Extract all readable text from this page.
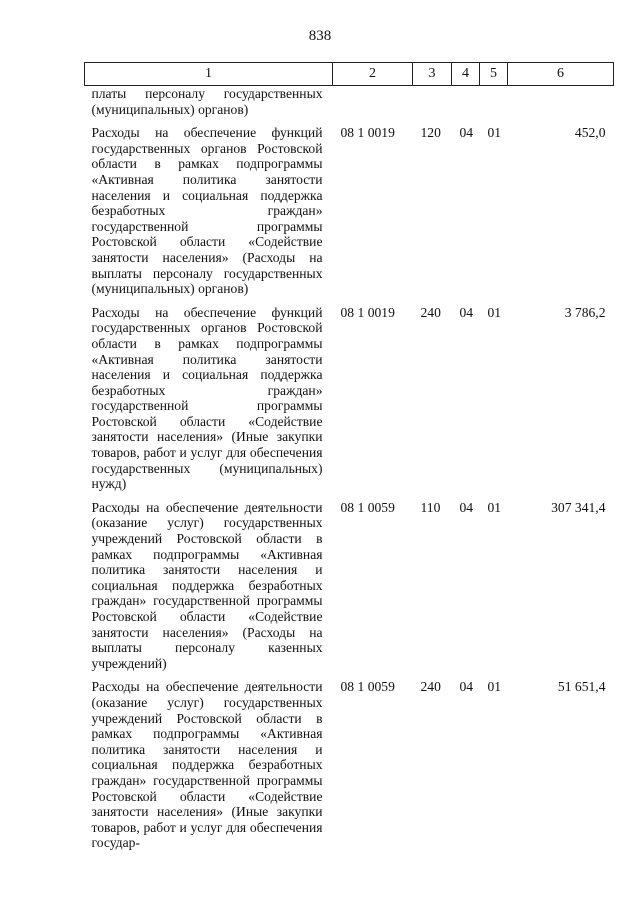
838
1	2	3	4	5	6
платы персоналу государственных (муниципальных) органов)					
Расходы на обеспечение функций государственных органов Ростовской области в рамках подпрограммы «Активная политика занятости населения и социальная поддержка безработных граждан» государственной программы Ростовской области «Содействие занятости населения» (Расходы на выплаты персоналу государственных (муниципальных) органов)	08 1 0019	120	04	01	452,0
Расходы на обеспечение функций государственных органов Ростовской области в рамках подпрограммы «Активная политика занятости населения и социальная поддержка безработных граждан» государственной программы Ростовской области «Содействие занятости населения» (Иные закупки товаров, работ и услуг для обеспечения государственных (муниципальных) нужд)	08 1 0019	240	04	01	3 786,2
Расходы на обеспечение деятельности (оказание услуг) государственных учреждений Ростовской области в рамках подпрограммы «Активная политика занятости населения и социальная поддержка безработных граждан» государственной программы Ростовской области «Содействие занятости населения» (Расходы на выплаты персоналу казенных учреждений)	08 1 0059	110	04	01	307 341,4
Расходы на обеспечение деятельности (оказание услуг) государственных учреждений Ростовской области в рамках подпрограммы «Активная политика занятости населения и социальная поддержка безработных граждан» государственной программы Ростовской области «Содействие занятости населения» (Иные закупки товаров, работ и услуг для обеспечения государ-	08 1 0059	240	04	01	51 651,4
